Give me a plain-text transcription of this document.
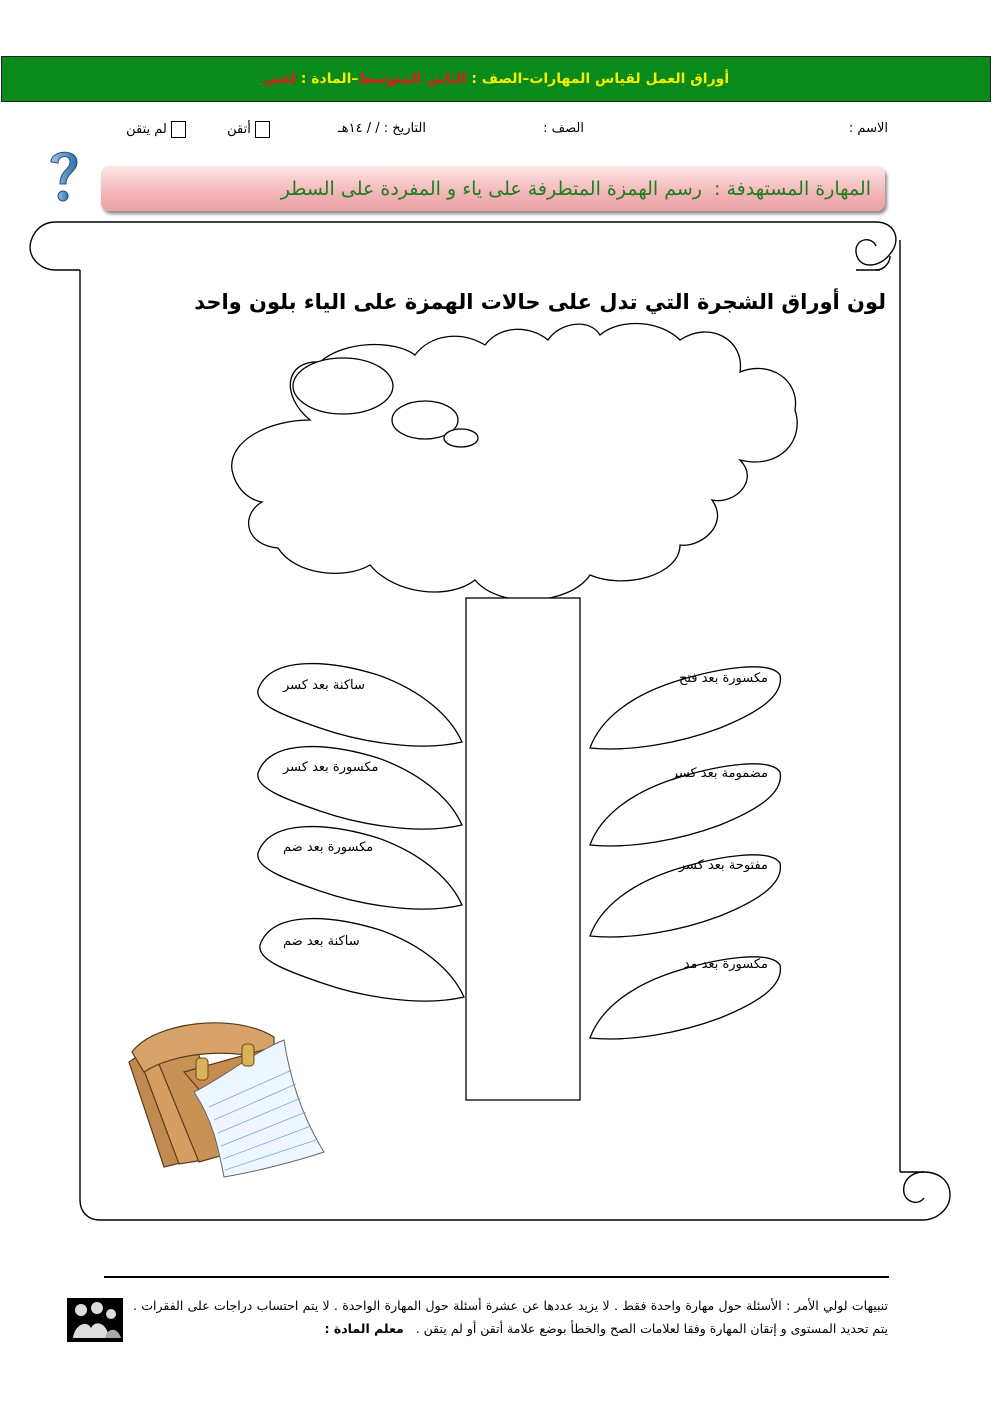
أوراق العمل لقياس المهارات
–
الصف :

الثاني المتوسط
–
المادة :

لغتي
الاسم :
الصف :
التاريخ : / / ١٤هـ
أتقن
لم يتقن
المهارة المستهدفة :

رسم الهمزة المتطرفة على ياء و المفردة على السطر
لون أوراق الشجرة التي تدل على حالات الهمزة على الياء بلون واحد
ساكنة بعد كسر
مكسورة بعد كسر
مكسورة بعد ضم
ساكنة بعد ضم
مكسورة بعد فتح
مضمومة بعد كسر
مفتوحة بعد كسر
مكسورة بعد مد
تنبيهات لولي الأمر : الأسئلة حول مهارة واحدة فقط . لا يزيد عددها عن عشرة أسئلة حول المهارة الواحدة . لا يتم احتساب دراجات على الفقرات . يتم تحديد المستوى و إتقان المهارة وفقا لعلامات الصح والخطأ بوضع علامة أتقن أو لم يتقن .   معلم المادة :
